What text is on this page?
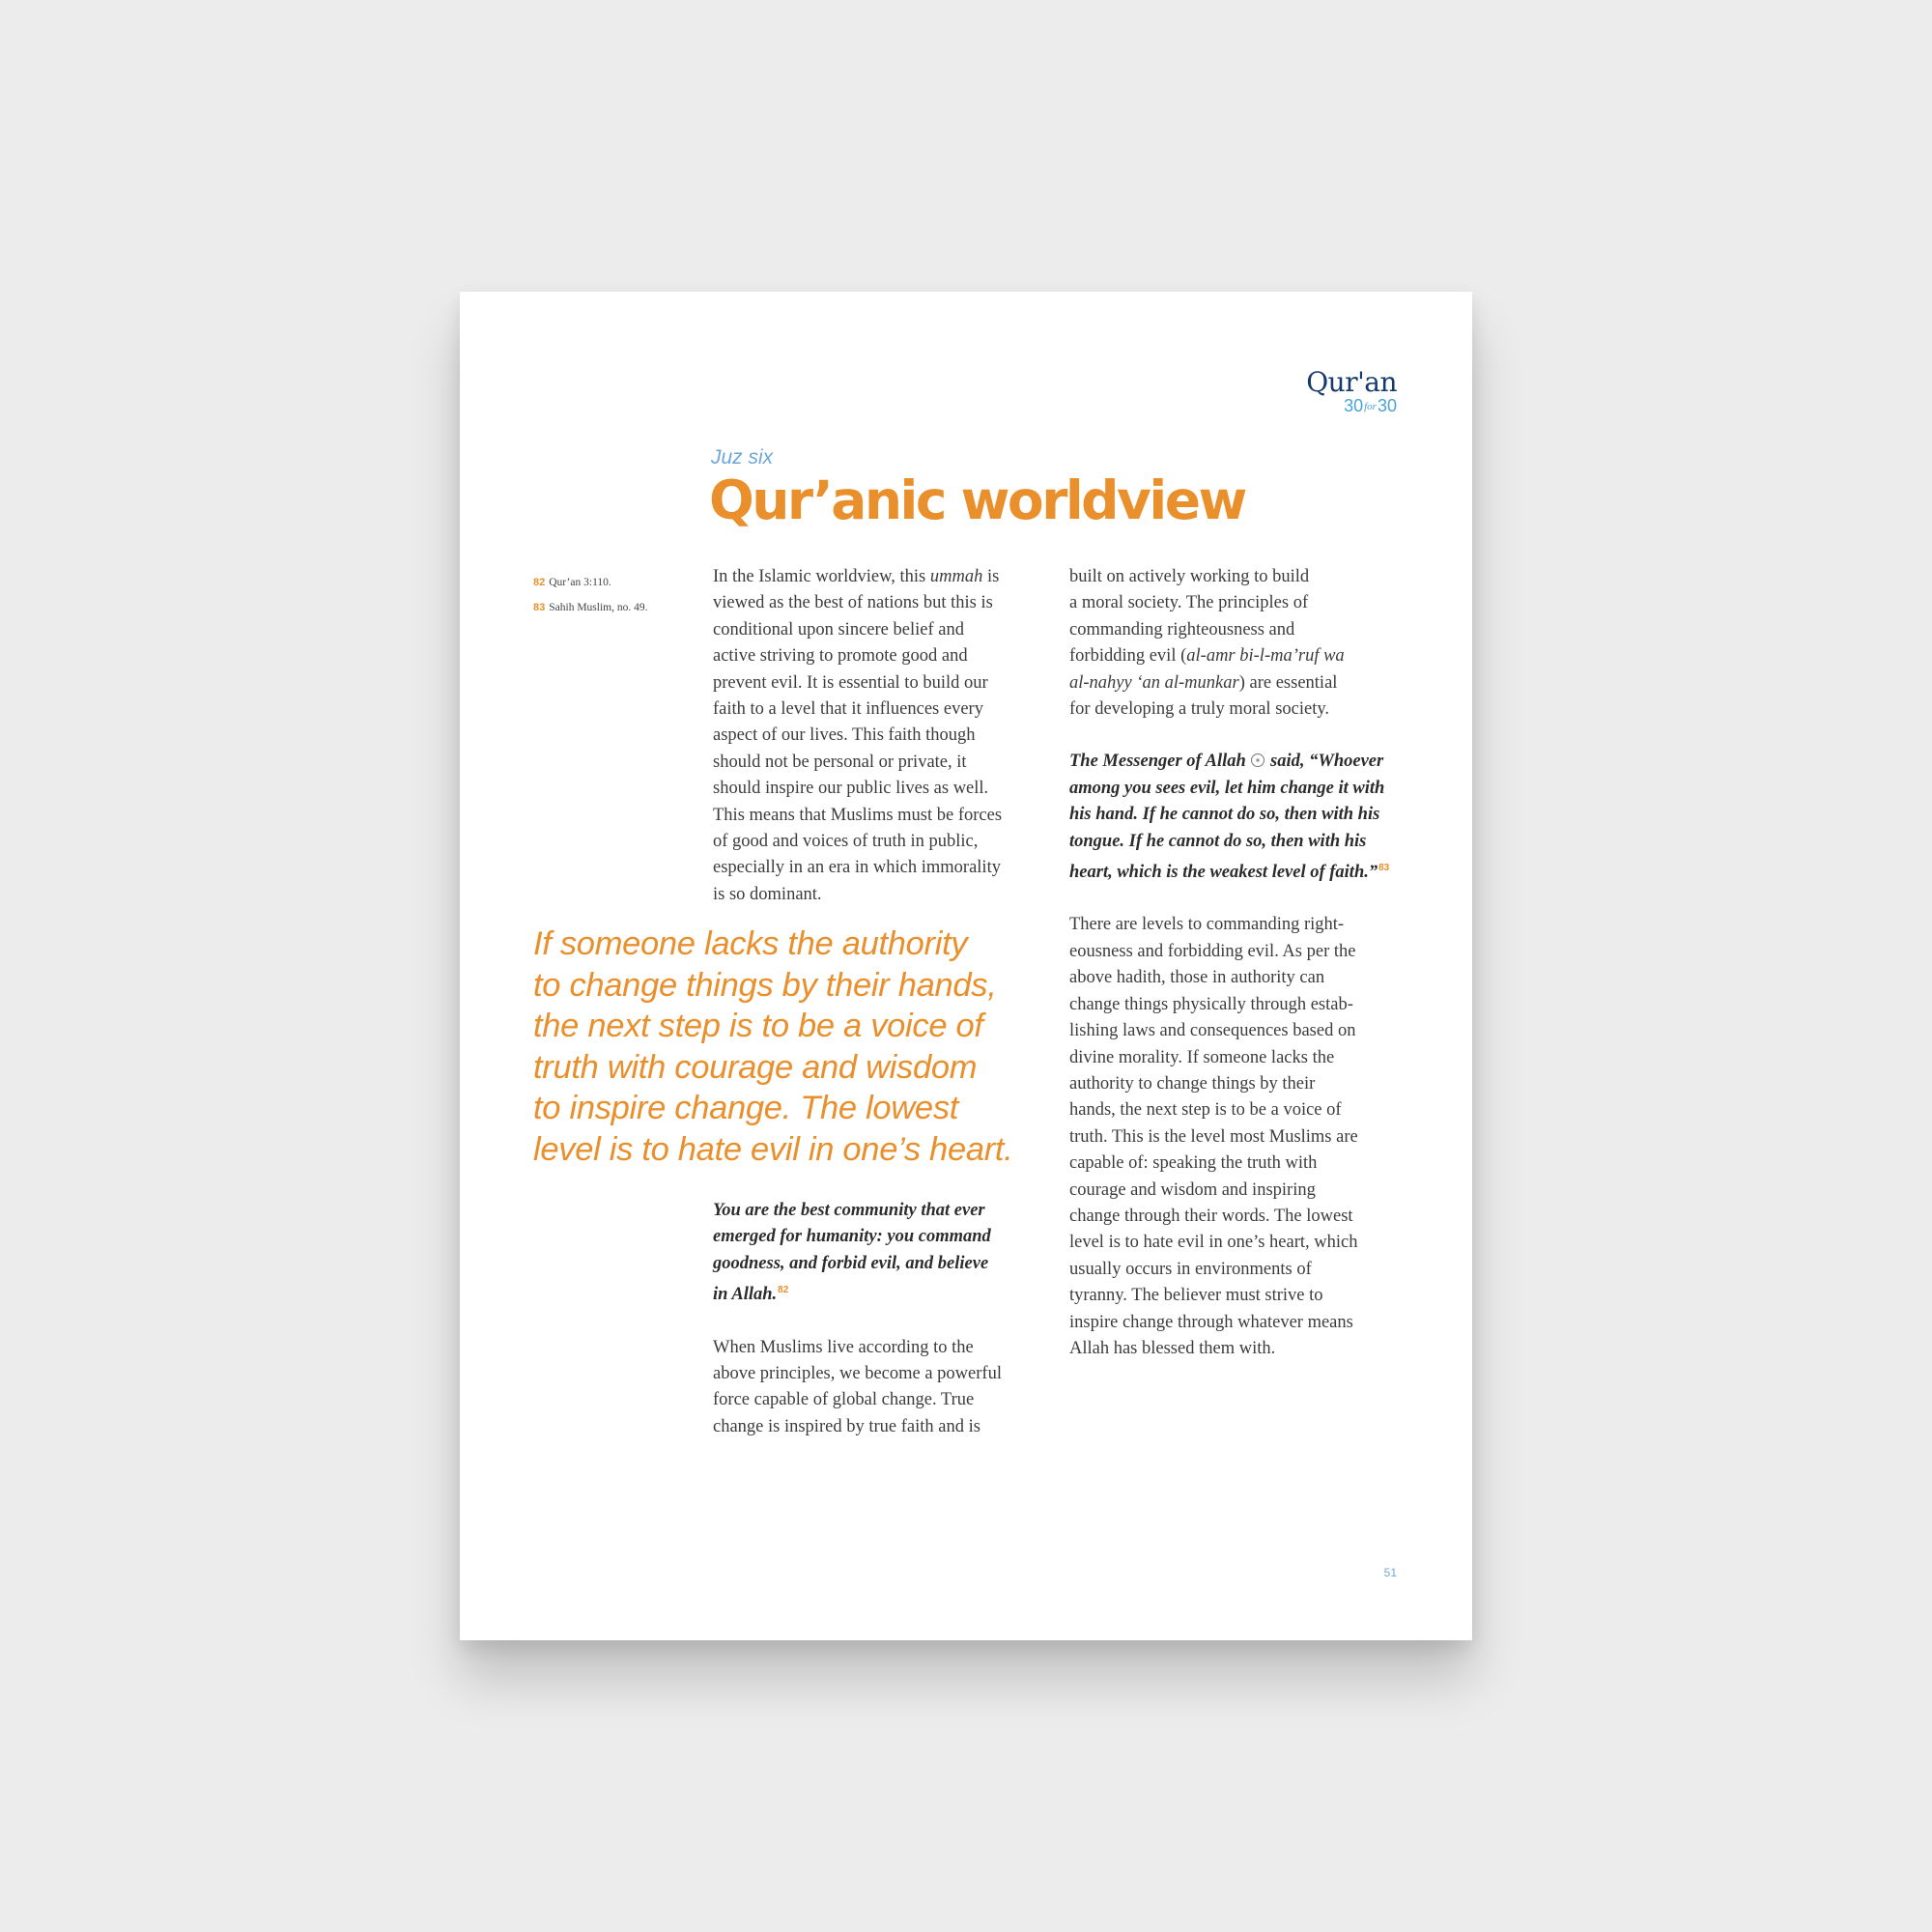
Qur'an
30for30
Juz six
Qur’anic worldview
82 Qur’an 3:110.
83 Sahih Muslim, no. 49.

In the Islamic worldview, this ummah is
viewed as the best of nations but this is
conditional upon sincere belief and
active striving to promote good and
prevent evil. It is essential to build our
faith to a level that it influences every
aspect of our lives. This faith though
should not be personal or private, it
should inspire our public lives as well.
This means that Muslims must be forces
of good and voices of truth in public,
especially in an era in which immorality
is so dominant.

If someone lacks the authority
to change things by their hands,
the next step is to be a voice of
truth with courage and wisdom
to inspire change. The lowest
level is to hate evil in one’s heart.

You are the best community that ever
emerged for humanity: you command
goodness, and forbid evil, and believe
in Allah.$^{82}$

When Muslims live according to the
above principles, we become a powerful
force capable of global change. True
change is inspired by true faith and is

built on actively working to build
a moral society. The principles of
commanding righteousness and
forbidding evil (al-amr bi-l-ma’ruf wa
al-nahyy ‘an al-munkar) are essential
for developing a truly moral society.

The Messenger of Allah  said, “Whoever
among you sees evil, let him change it with
his hand. If he cannot do so, then with his
tongue. If he cannot do so, then with his
heart, which is the weakest level of faith.”$^{83}$

There are levels to commanding right-
eousness and forbidding evil. As per the
above hadith, those in authority can
change things physically through estab-
lishing laws and consequences based on
divine morality. If someone lacks the
authority to change things by their
hands, the next step is to be a voice of
truth. This is the level most Muslims are
capable of: speaking the truth with
courage and wisdom and inspiring
change through their words. The lowest
level is to hate evil in one’s heart, which
usually occurs in environments of
tyranny. The believer must strive to
inspire change through whatever means
Allah has blessed them with.

51
